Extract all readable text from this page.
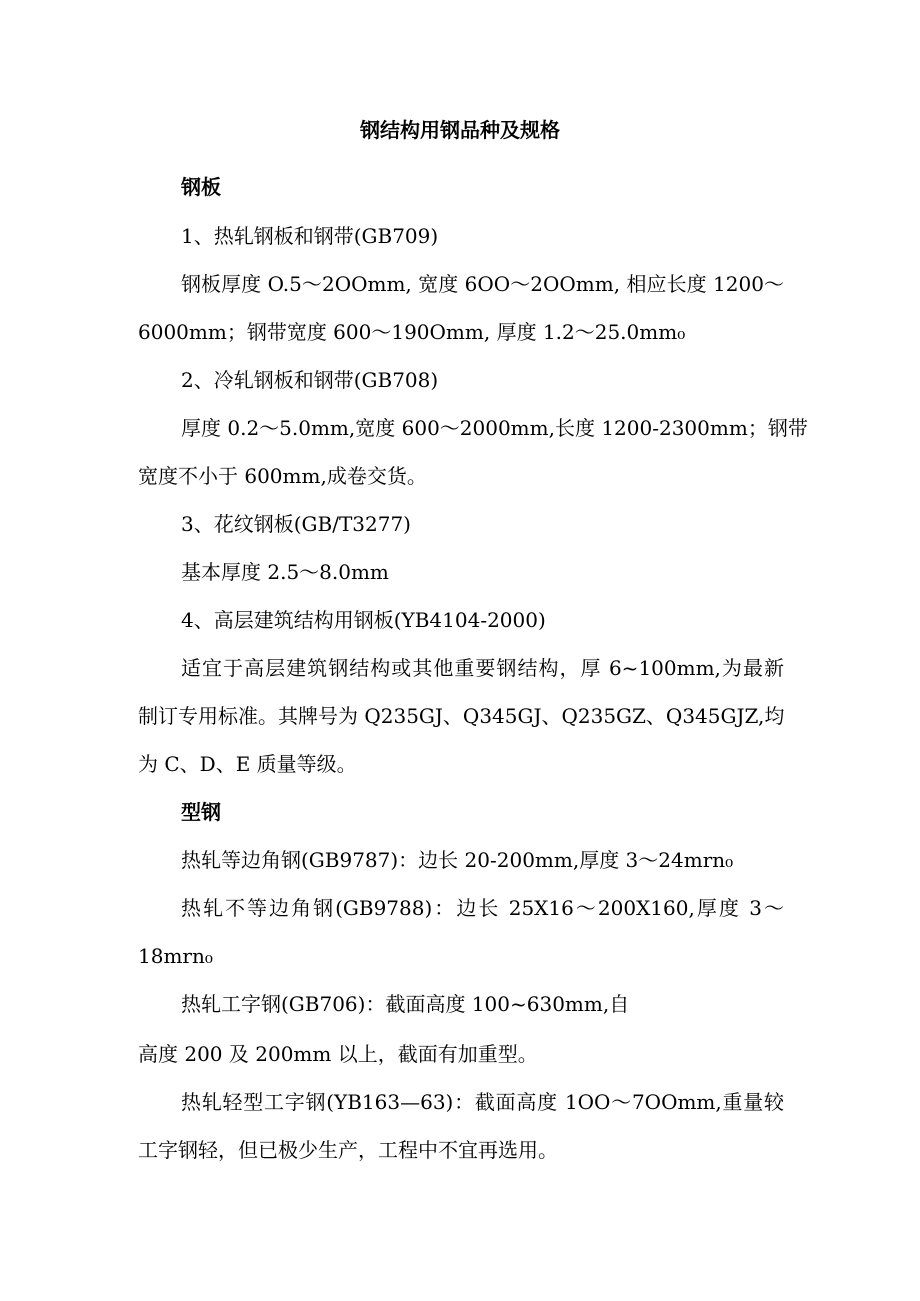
钢结构用钢品种及规格
钢板
1、热轧钢板和钢带(GB709)
钢板厚度 O.5～2OOmm, 宽度 6OO～2OOmm, 相应长度 1200～
6000mm；钢带宽度 600～190Omm, 厚度 1.2～25.0mm₀
2、冷轧钢板和钢带(GB708)
厚度 0.2～5.0mm,宽度 600～2000mm,长度 1200-2300mm；钢带
宽度不小于 600mm,成卷交货。
3、花纹钢板(GB/T3277)
基本厚度 2.5～8.0mm
4、高层建筑结构用钢板(YB4104-2000)
适宜于高层建筑钢结构或其他重要钢结构，厚 6~100mm,为最新
制订专用标准。其牌号为 Q235GJ、Q345GJ、Q235GZ、Q345GJZ,均
为 C、D、E 质量等级。
型钢
热轧等边角钢(GB9787)：边长 20-200mm,厚度 3～24mrn₀
热轧不等边角钢(GB9788)：边长 25X16～200X160,厚度 3～
18mrn₀
热轧工字钢(GB706)：截面高度 100~630mm,自
高度 200 及 200mm 以上，截面有加重型。
热轧轻型工字钢(YB163—63)：截面高度 1OO～7OOmm,重量较
工字钢轻，但已极少生产，工程中不宜再选用。
